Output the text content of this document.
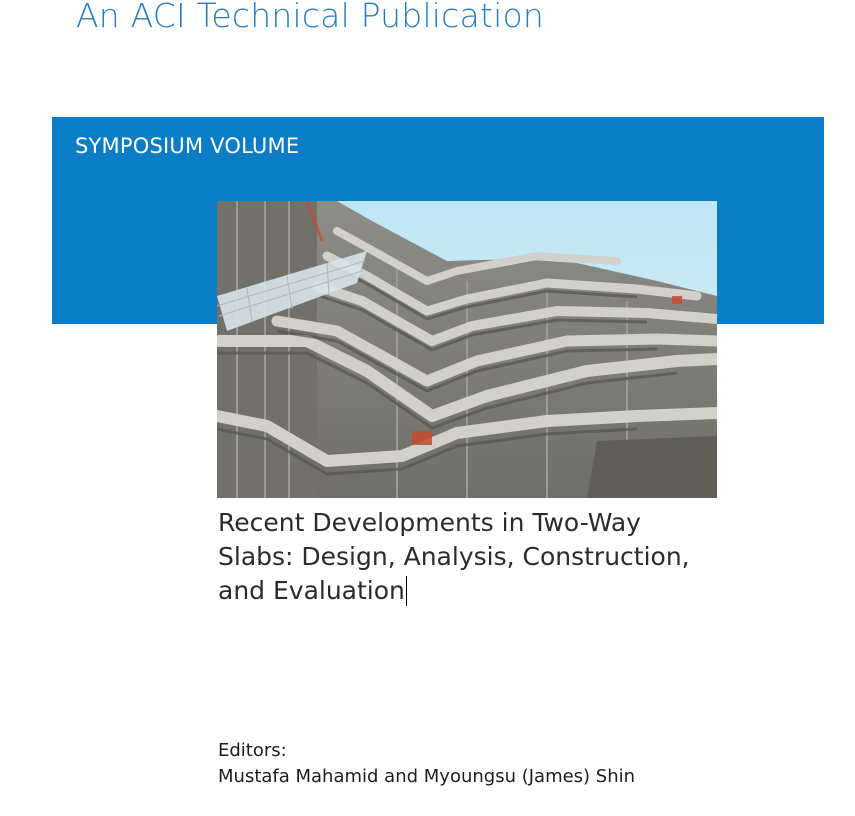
An ACI Technical Publication
SYMPOSIUM VOLUME
Recent Developments in Two-Way
Slabs: Design, Analysis, Construction,
and Evaluation
Editors:
Mustafa Mahamid and Myoungsu (James) Shin
